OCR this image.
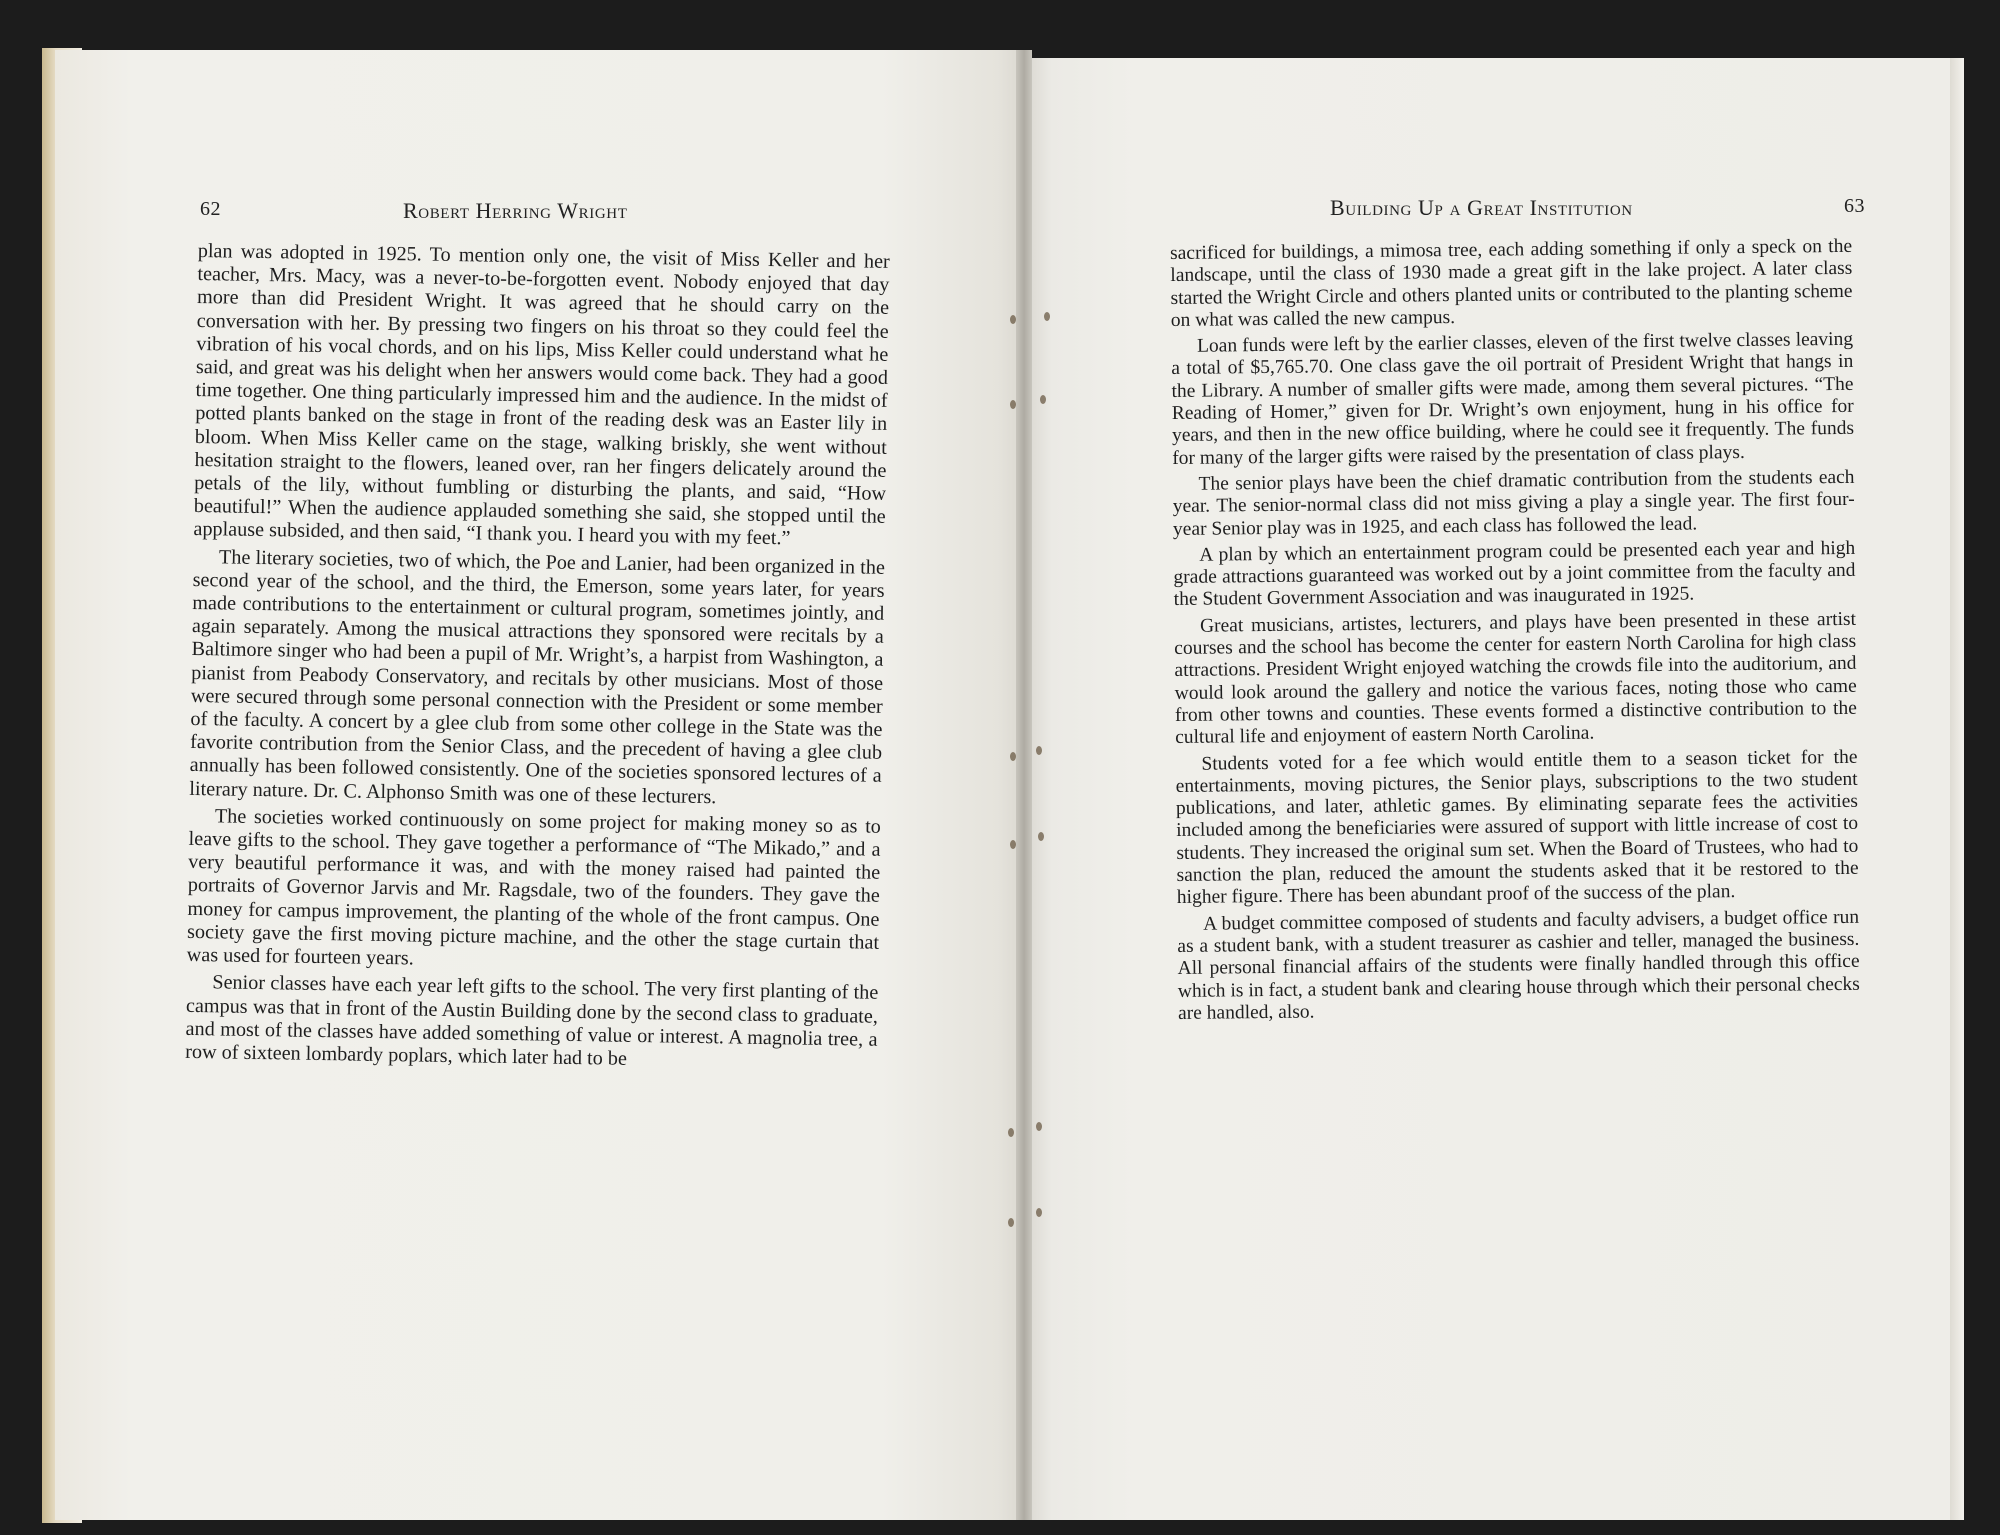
62	Robert Herring Wright	Building Up a Great Institution	63

plan was adopted in 1925. To mention only one, the visit of Miss Keller and her teacher, Mrs. Macy, was a never-to-be-forgotten event. Nobody enjoyed that day more than did President Wright. It was agreed that he should carry on the conversation with her. By pressing two fingers on his throat so they could feel the vibration of his vocal chords, and on his lips, Miss Keller could understand what he said, and great was his delight when her answers would come back. They had a good time together. One thing particularly impressed him and the audience. In the midst of potted plants banked on the stage in front of the reading desk was an Easter lily in bloom. When Miss Keller came on the stage, walking briskly, she went without hesitation straight to the flowers, leaned over, ran her fingers delicately around the petals of the lily, without fumbling or disturbing the plants, and said, “How beautiful!” When the audience applauded something she said, she stopped until the applause subsided, and then said, “I thank you. I heard you with my feet.”

The literary societies, two of which, the Poe and Lanier, had been organized in the second year of the school, and the third, the Emerson, some years later, for years made contributions to the entertainment or cultural program, sometimes jointly, and again separately. Among the musical attractions they sponsored were recitals by a Baltimore singer who had been a pupil of Mr. Wright’s, a harpist from Washington, a pianist from Peabody Conservatory, and recitals by other musicians. Most of those were secured through some personal connection with the President or some member of the faculty. A concert by a glee club from some other college in the State was the favorite contribution from the Senior Class, and the precedent of having a glee club annually has been followed consistently. One of the societies sponsored lectures of a literary nature. Dr. C. Alphonso Smith was one of these lecturers.

The societies worked continuously on some project for making money so as to leave gifts to the school. They gave together a performance of “The Mikado,” and a very beautiful performance it was, and with the money raised had painted the portraits of Governor Jarvis and Mr. Ragsdale, two of the founders. They gave the money for campus improvement, the planting of the whole of the front campus. One society gave the first moving picture machine, and the other the stage curtain that was used for fourteen years.

Senior classes have each year left gifts to the school. The very first planting of the campus was that in front of the Austin Building done by the second class to graduate, and most of the classes have added something of value or interest. A magnolia tree, a row of sixteen lombardy poplars, which later had to be

sacrificed for buildings, a mimosa tree, each adding something if only a speck on the landscape, until the class of 1930 made a great gift in the lake project. A later class started the Wright Circle and others planted units or contributed to the planting scheme on what was called the new campus.

Loan funds were left by the earlier classes, eleven of the first twelve classes leaving a total of $5,765.70. One class gave the oil portrait of President Wright that hangs in the Library. A number of smaller gifts were made, among them several pictures. “The Reading of Homer,” given for Dr. Wright’s own enjoyment, hung in his office for years, and then in the new office building, where he could see it frequently. The funds for many of the larger gifts were raised by the presentation of class plays.

The senior plays have been the chief dramatic contribution from the students each year. The senior-normal class did not miss giving a play a single year. The first four-year Senior play was in 1925, and each class has followed the lead.

A plan by which an entertainment program could be presented each year and high grade attractions guaranteed was worked out by a joint committee from the faculty and the Student Government Association and was inaugurated in 1925.

Great musicians, artistes, lecturers, and plays have been presented in these artist courses and the school has become the center for eastern North Carolina for high class attractions. President Wright enjoyed watching the crowds file into the auditorium, and would look around the gallery and notice the various faces, noting those who came from other towns and counties. These events formed a distinctive contribution to the cultural life and enjoyment of eastern North Carolina.

Students voted for a fee which would entitle them to a season ticket for the entertainments, moving pictures, the Senior plays, subscriptions to the two student publications, and later, athletic games. By eliminating separate fees the activities included among the beneficiaries were assured of support with little increase of cost to students. They increased the original sum set. When the Board of Trustees, who had to sanction the plan, reduced the amount the students asked that it be restored to the higher figure. There has been abundant proof of the success of the plan.

A budget committee composed of students and faculty advisers, a budget office run as a student bank, with a student treasurer as cashier and teller, managed the business. All personal financial affairs of the students were finally handled through this office which is in fact, a student bank and clearing house through which their personal checks are handled, also.
